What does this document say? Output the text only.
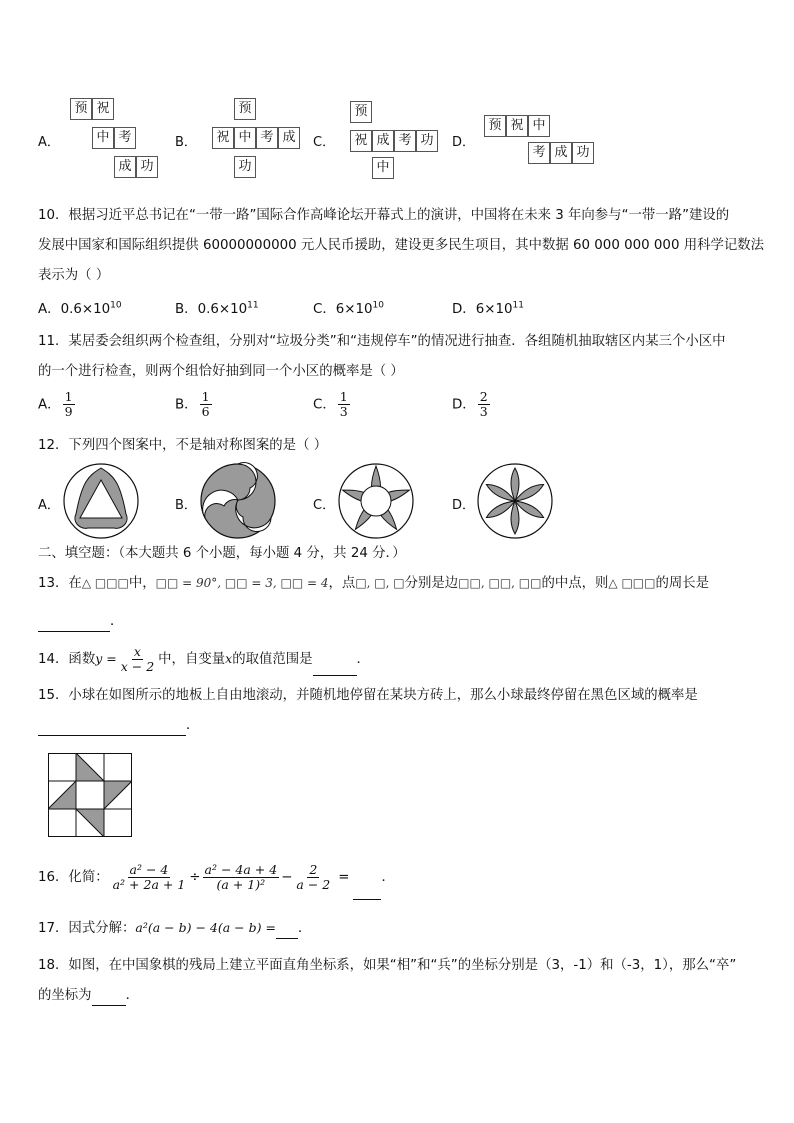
A．
预 祝
中 考
成 功
B．
预
祝 中 考 成
功
C．
预
祝 成 考 功
中
D．
预 祝 中
考 成 功
10．根据习近平总书记在“一带一路”国际合作高峰论坛开幕式上的演讲，中国将在未来 3 年向参与“一带一路”建设的
发展中国家和国际组织提供 60000000000 元人民币援助，建设更多民生项目，其中数据 60 000 000 000 用科学记数法
表示为（ ）
A．$0.6\times 10^{10}$	B．$0.6\times 10^{11}$	C．$6\times 10^{10}$	D．$6\times 10^{11}$
11．某居委会组织两个检查组，分别对“垃圾分类”和“违规停车”的情况进行抽查．各组随机抽取辖区内某三个小区中
的一个进行检查，则两个组恰好抽到同一个小区的概率是（ ）
A． $\frac{1}{9}$	B． $\frac{1}{6}$	C． $\frac{1}{3}$	D． $\frac{2}{3}$
12．下列四个图案中，不是轴对称图案的是（ ）
A．	B．	C．	D．
二、填空题：（本大题共 6 个小题，每小题 4 分，共 24 分．）
13．在△ □□□中，□□ = 90°, □□ = 3, □□ = 4，点□, □, □分别是边□□, □□, □□的中点，则△ □□□的周长是
．
14．函数$y = \frac{x}{x - 2}$ 中，自变量x的取值范围是	．
15．小球在如图所示的地板上自由地滚动，并随机地停留在某块方砖上，那么小球最终停留在黑色区域的概率是
．
16．化简： $\frac{\text{a² − 4}}{\text{a² + 2a + 1}} \div \frac{\text{a² − 4a + 4}}{\text{(a + 1)²}} - \frac{2}{a - 2}$ = ．
17．因式分解：a²(a − b) − 4(a − b) = ．
18．如图，在中国象棋的残局上建立平面直角坐标系，如果“相”和“兵”的坐标分别是（3，-1）和（-3，1），那么“卒”
的坐标为	．
